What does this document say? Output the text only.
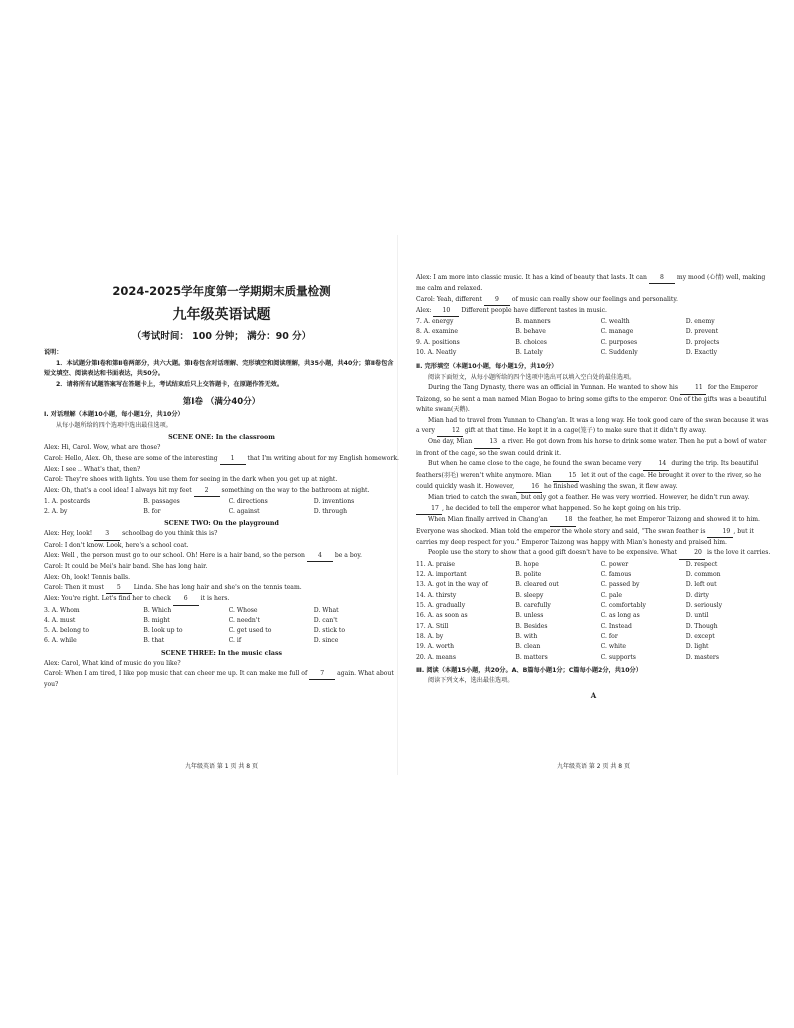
2024-2025学年度第一学期期末质量检测
九年级英语试题
（考试时间： 100 分钟； 满分：90 分）
说明：
1．本试题分第Ⅰ卷和第Ⅱ卷两部分，共六大题。第Ⅰ卷包含对话理解、完形填空和阅读理解，共35小题，共40分；第Ⅱ卷包含短文填空、阅读表达和书面表达，共50分。
2．请将所有试题答案写在答题卡上，考试结束后只上交答题卡，在原题作答无效。
第Ⅰ卷 （满分40分）
Ⅰ. 对话理解（本题10小题，每小题1分，共10分）
从每小题所给的四个选项中选出最佳选项。
SCENE ONE: In the classroom
Alex: Hi, Carol. Wow, what are those?
Carol: Hello, Alex. Oh, these are some of the interesting 1 that I'm writing about for my English homework.
Alex: I see .. What's that, then?
Carol: They're shoes with lights. You use them for seeing in the dark when you get up at night.
Alex: Oh, that's a cool idea! I always hit my feet 2 something on the way to the bathroom at night.
1. A. postcards	B. passages	C. directions	D. inventions
2. A. by	B. for	C. against	D. through
SCENE TWO: On the playground
Alex: Hey, look! 3 schoolbag do you think this is?
Carol: I don't know. Look, here's a school coat.
Alex: Well , the person must go to our school. Oh! Here is a hair band, so the person 4 be a boy.
Carol: It could be Mei's hair band. She has long hair.
Alex: Oh, look! Tennis balls.
Carol: Then it must 5 Linda. She has long hair and she's on the tennis team.
Alex: You're right. Let's find her to check 6 it is hers.
3. A. Whom	B. Which	C. Whose	D. What
4. A. must	B. might	C. needn't	D. can't
5. A. belong to	B. look up to	C. get used to	D. stick to
6. A. while	B. that	C. if	D. since
SCENE THREE: In the music class
Alex: Carol, What kind of music do you like?
Carol: When I am tired, I like pop music that can cheer me up. It can make me full of 7 again. What about you?
九年级英语 第 1 页 共 8 页
Alex: I am more into classic music. It has a kind of beauty that lasts. It can 8 my mood (心情) well, making me calm and relaxed.
Carol: Yeah, different 9 of music can really show our feelings and personality.
Alex: 10 Different people have different tastes in music.
7. A. energy	B. manners	C. wealth	D. enemy
8. A. examine	B. behave	C. manage	D. prevent
9. A. positions	B. choices	C. purposes	D. projects
10. A. Neatly	B. Lately	C. Suddenly	D. Exactly
Ⅱ. 完形填空（本题10小题，每小题1分，共10分）
阅读下面短文，从每小题所给的四个选项中选出可以填入空白处的最佳选项。
During the Tang Dynasty, there was an official in Yunnan. He wanted to show his	11 for the Emperor Taizong, so he sent a man named Mian Bogao to bring some gifts to the emperor. One of the gifts was a beautiful white swan(天鹅).
Mian had to travel from Yunnan to Chang'an. It was a long way. He took good care of the swan because it was a very	12 gift at that time. He kept it in a cage(笼子) to make sure that it didn't fly away.
One day, Mian	13 a river. He got down from his horse to drink some water. Then he put a bowl of water in front of the cage, so the swan could drink it.
But when he came close to the cage, he found the swan became very	14 during the trip. Its beautiful feathers(羽毛) weren't white anymore. Mian	15 let it out of the cage. He brought it over to the river, so he could quickly wash it. However,	16 he finished washing the swan, it flew away.
Mian tried to catch the swan, but only got a feather. He was very worried. However, he didn't run away. 17 , he decided to tell the emperor what happened. So he kept going on his trip.
When Mian finally arrived in Chang'an	18 the feather, he met Emperor Taizong and showed it to him. Everyone was shocked. Mian told the emperor the whole story and said, “The swan feather is	19 , but it carries my deep respect for you.” Emperor Taizong was happy with Mian's honesty and praised him.
People use the story to show that a good gift doesn't have to be expensive. What	20 is the love it carries.
11. A. praise	B. hope	C. power	D. respect
12. A. important	B. polite	C. famous	D. common
13. A. got in the way of	B. cleared out	C. passed by	D. left out
14. A. thirsty	B. sleepy	C. pale	D. dirty
15. A. gradually	B. carefully	C. comfortably	D. seriously
16. A. as soon as	B. unless	C. as long as	D. until
17. A. Still	B. Besides	C. Instead	D. Though
18. A. by	B. with	C. for	D. except
19. A. worth	B. clean	C. white	D. light
20. A. means	B. matters	C. supports	D. masters
Ⅲ. 阅读（本题15小题，共20分。A、B篇每小题1分；C篇每小题2分，共10分）
阅读下列文本，选出最佳选项。
A
九年级英语 第 2 页 共 8 页
